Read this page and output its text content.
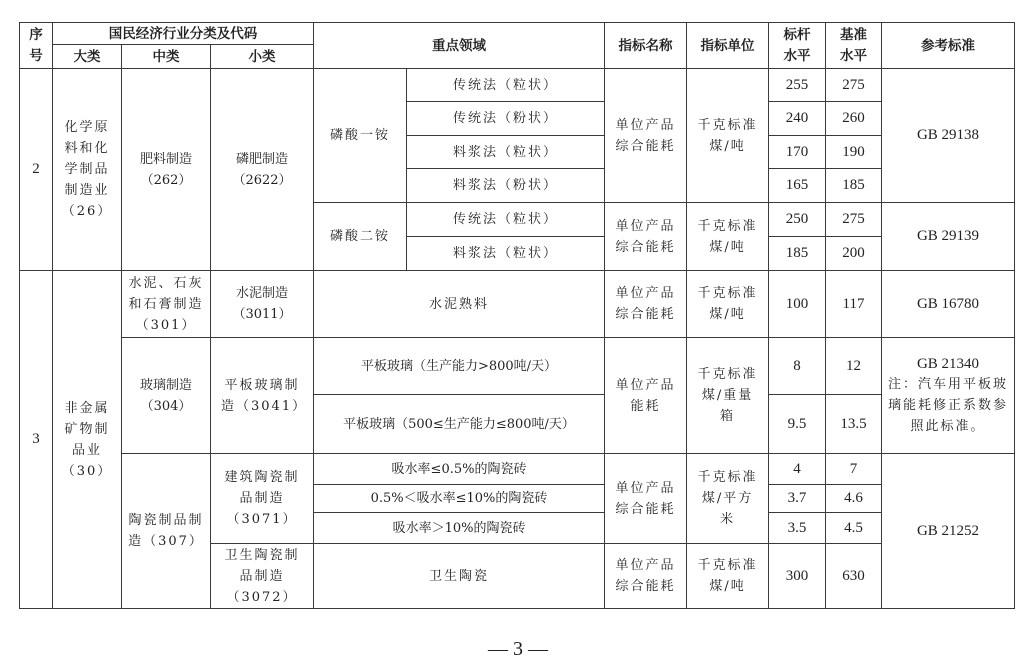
序号	国民经济行业分类及代码			重点领域		指标名称	指标单位	标杆水平	基准水平	参考标准
	大类	中类	小类							
2	化学原料和化学制品制造业（26）	肥料制造（262）	磷肥制造（2622）	磷酸一铵	传统法（粒状）	单位产品综合能耗	千克标准煤/吨	255	275	GB 29138
					传统法（粉状）			240	260	
					料浆法（粒状）			170	190	
					料浆法（粉状）			165	185	
				磷酸二铵	传统法（粒状）	单位产品综合能耗	千克标准煤/吨	250	275	GB 29139
					料浆法（粒状）			185	200	
3	非金属矿物制品业（30）	水泥、石灰和石膏制造（301）	水泥制造（3011）	水泥熟料		单位产品综合能耗	千克标准煤/吨	100	117	GB 16780
		玻璃制造（304）	平板玻璃制造（3041）	平板玻璃（生产能力>800吨/天）		单位产品能耗	千克标准煤/重量箱	8	12	GB 21340
注：汽车用平板玻璃能耗修正系数参照此标准。

				平板玻璃（500≤生产能力≤800吨/天）				9.5	13.5	
		陶瓷制品制造（307）	建筑陶瓷制品制造（3071）	吸水率≤0.5%的陶瓷砖		单位产品综合能耗	千克标准煤/平方米	4	7	GB 21252
				0.5%＜吸水率≤10%的陶瓷砖				3.7	4.6	
				吸水率＞10%的陶瓷砖				3.5	4.5	
			卫生陶瓷制品制造（3072）	卫生陶瓷		单位产品综合能耗	千克标准煤/吨	300	630	
— 3 —
